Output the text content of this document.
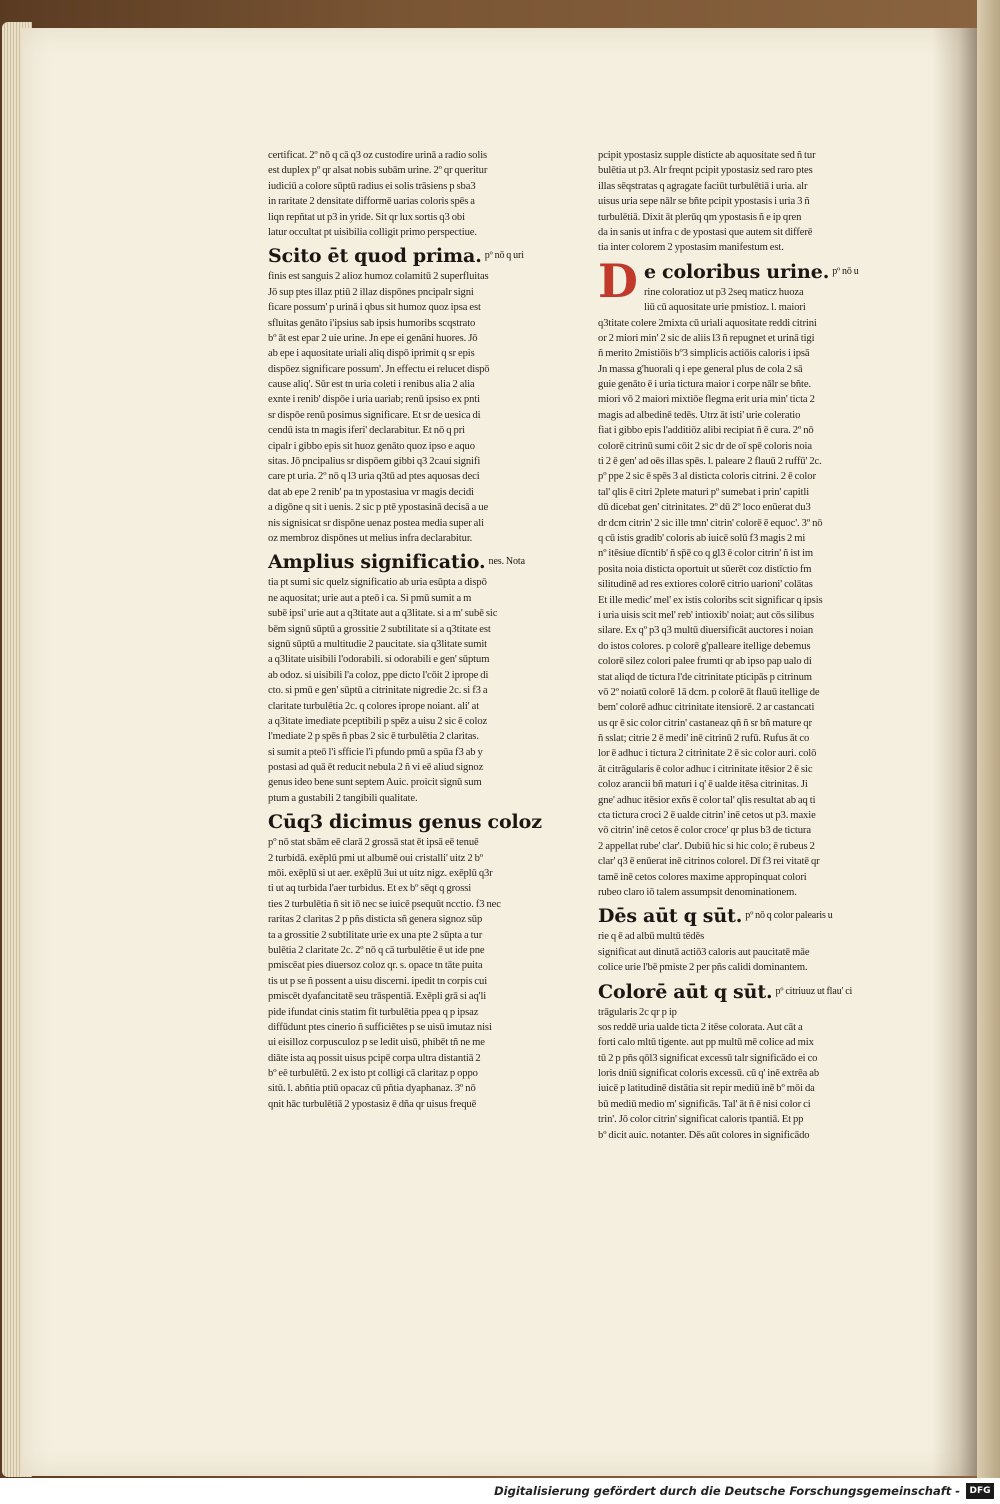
certificat. 2º nō q cā q3 oz custodire urinā a radio solis

est duplex pº qr alsat nobis subām urine. 2º qr queritur

iudiciū a colore sūptū radius ei solis trāsiens p sba3

in raritate 2 densitate difformē uarias coloris spēs a

liqn repñtat ut p3 in yride. Sit qr lux sortis q3 obi

latur occultat pt uisibilia colligit primo perspectiue.

Scito ēt quod prima. $^{pº nō q uri}$

finis est sanguis 2 alioz humoz colamitū 2 superfluitas

Jō sup ptes illaz ptiū 2 illaz dispōnes pncipalr signi

ficare possum' p urinā i qbus sit humoz quoz ipsa est

sfluitas genāto i'ipsius sab ipsis humoribs scqstrato

bº āt est epar 2 uie urine. Jn epe ei genāni huores. Jō

ab epe i aquositate uriali aliq dispō iprimit q sr epis

dispōez significare possum'. Jn effectu ei relucet dispō

cause aliq'. Sūr est tn uria coleti i renibus alia 2 alia

exnte i renib' dispōe i uria uariab; renū ipsiso ex pnti

sr dispōe renū posimus significare. Et sr de uesica di

cendū ista tn magis iferi' declarabitur. Et nō q pri

cipalr i gibbo epis sit huoz genāto quoz ipso e aquo

sitas. Jō pncipalius sr dispōem gibbi q3 2caui signifi

care pt uria. 2º nō q l3 uria q3tū ad ptes aquosas deci

dat ab epe 2 renib' pa tn ypostasiua vr magis decidi

a digōne q sit i uenis. 2 sic p ptē ypostasinā decisā a ue

nis signisicat sr dispōne uenaz postea media super ali

oz membroz dispōnes ut melius infra declarabitur.

Amplius significatio. $^{nes. Nota}$

tia pt sumi sic quelz significatio ab uria esūpta a dispō

ne aquositat; urie aut a pteō i ca. Si pmū sumit a m

subē ipsi' urie aut a q3titate aut a q3litate. si a m' subē sic

bēm signū sūptū a grossitie 2 subtilitate si a q3titate est

signū sūptū a multitudie 2 paucitate. sia q3litate sumit

a q3litate uisibili l'odorabili. si odorabili e gen' sūptum

ab odoz. si uisibili l'a coloz, ppe dicto l'cōit 2 iprope di

cto. si pmū e gen' sūptū a citrinitate nigredie 2c. si f3 a

claritate turbulētia 2c. q colores iprope noiant. ali' at

a q3itate imediate pceptibili p spēz a uisu 2 sic ē coloz

l'mediate 2 p spēs ñ pbas 2 sic ē turbulētia 2 claritas.

si sumit a pteō l'i sfficie l'i pfundo pmū a spūa f3 ab y

postasi ad quā ēt reducit nebula 2 ñ vi eē aliud signoz

genus ideo bene sunt septem Auic. proicit signū sum

ptum a gustabili 2 tangibili qualitate.

Cūq3 dicimus genus coloz

pº nō stat sbām eē clarā 2 grossā stat ēt ipsā eē tenuē

2 turbidā. exēplū pmi ut albumē oui cristalli' uitz 2 bº

mōi. exēplū si ut aer. exēplū 3ui ut uitz nigz. exēplū q3r

ti ut aq turbida l'aer turbidus. Et ex bº sēqt q grossi

ties 2 turbulētia ñ sit iō nec se iuicē psequūt ncctio. f3 nec

raritas 2 claritas 2 p pñs disticta sñ genera signoz sūp

ta a grossitie 2 subtilitate urie ex una pte 2 sūpta a tur

bulētia 2 claritate 2c. 2º nō q cā turbulētie ē ut ide pne

pmiscēat pies diuersoz coloz qr. s. opace tn tāte puita

tis ut p se ñ possent a uisu discerni. ipedit tn corpis cui

pmiscēt dyafancitatē seu trāspentiā. Exēpli grā si aq'li

pide ifundat cinis statim fit turbulētia ppea q p ipsaz

diffūdunt ptes cinerio ñ sufficiētes p se uisū imutaz nisi

ui eisilloz corpusculoz p se ledit uisū, phibēt tñ ne me

diāte ista aq possit uisus pcipē corpa ultra distantiā 2

bº eē turbulētū. 2 ex isto pt colligi cā claritaz p oppo

sitū. l. abñtia ptiū opacaz cū pñtia dyaphanaz. 3º nō

qnit hāc turbulētiā 2 ypostasiz ē dña qr uisus frequē

pcipit ypostasiz supple disticte ab aquositate sed ñ tur

bulētia ut p3. Alr freqnt pcipit ypostasiz sed raro ptes

illas sēqstratas q agragate faciūt turbulētiā i uria. alr

uisus uria sepe nālr se bñte pcipit ypostasis i uria 3 ñ

turbulētiā. Dixit āt plerūq qm ypostasis ñ e ip qren

da in sanis ut infra c de ypostasi que autem sit differē

tia inter colorem 2 ypostasim manifestum est.

D e coloribus urine. $^{pº nō u}$

rine coloratioz ut p3 2seq maticz huoza

liū cū aquositate urie pmistioz. l. maiori

q3titate colere 2mixta cū uriali aquositate reddi citrini

or 2 miori min' 2 sic de aliis l3 ñ repugnet et urinā tigi

ñ merito 2mistiōis bº3 simplicis actiōis caloris i ipsā

Jn massa g'huorali q i epe general plus de cola 2 sā

guie genāto ē i uria tictura maior i corpe nālr se bñte.

miori vō 2 maiori mixtiōe flegma erit uria min' ticta 2

magis ad albedinē tedēs. Utrz āt isti' urie coleratio

fiat i gibbo epis l'additiōz alibi recipiat ñ ē cura. 2º nō

colorē citrinū sumi cōit 2 sic dr de oī spē coloris noia

ti 2 ē gen' ad oēs illas spēs. l. paleare 2 flauū 2 ruffū' 2c.

pº ppe 2 sic ē spēs 3 al disticta coloris citrini. 2 ē color

tal' qlis ē citri 2plete maturi pº sumebat i prin' capitli

dū dicebat gen' citrinitates. 2º dū 2º loco enūerat du3

dr dcm citrin' 2 sic ille tmn' citrin' colorē ē equoc'. 3º nō

q cū istis gradib' coloris ab iuicē solū f3 magis 2 mi

nº itēsiue dīcntib' ñ sp̄ē co q gl3 ē color citrin' ñ ist im

posita noia disticta oportuit ut sūerēt coz distīctio fm

silitudinē ad res extiores colorē citrio uarioni' colātas

Et ille medic' mel' ex istis coloribs scit significar q ipsis

i uria uisis scit mel' reb' intioxib' noiat; aut cōs silibus

silare. Ex qº p3 q3 multū diuersificāt auctores i noian

do istos colores. p colorē g'palleare itellige debemus

colorē silez colori palee frumti qr ab ipso pap ualo di

stat aliqd de tictura l'de citrinitate pticipās p citrinum

vō 2º noiatū colorē 1ā dcm. p colorē āt flauū itellige de

bem' colorē adhuc citrinitate itensiorē. 2 ar castancati

us qr ē sic color citrin' castaneaz qñ ñ sr bñ mature qr

ñ sslat; citrie 2 ē medi' inē citrinū 2 rufū. Rufus āt co

lor ē adhuc i tictura 2 citrinitate 2 ē sic color auri. colō

āt citrāgularis ē color adhuc i citrinitate itēsior 2 ē sic

coloz arancii bñ maturi i q' ē ualde itēsa citrinitas. Ji

gne' adhuc itēsior exñs ē color tal' qlis resultat ab aq ti

cta tictura croci 2 ē ualde citrin' inē cetos ut p3. maxie

vō citrin' inē cetos ē color croce' qr plus b3 de tictura

2 appellat rube' clar'. Dubiū hic si hic colo; ē rubeus 2

clar' q3 ē enūerat inē citrinos colorel. Dī f3 rei vitatē qr

tamē inē cetos colores maxime appropinquat colori

rubeo claro iō talem assumpsit denominationem.

Dēs aūt q sūt. $^{pº nō q color palearis u}$

rie q ē ad albū multū tēdēs

significat aut dinutā actiō3 caloris aut paucitatē māe

colice urie l'bē pmiste 2 per pñs calidi dominantem.

Colorē aūt q sūt. $^{pº citriuuz ut flau' ci}$

trāgularis 2c qr p ip

sos reddē uria ualde ticta 2 itēse colorata. Aut cāt a

forti calo mltū tigente. aut pp multū mē colice ad mix

tū 2 p pñs qōl3 significat excessū talr significādo ei co

loris dniū significat coloris excessū. cū q' inē extrēa ab

iuicē p latitudinē distātia sit repir mediū inē bº mōi da

bū mediū medio m' significās. Tal' āt ñ ē nisi color ci

trin'. Jō color citrin' significat caloris tpantiā. Et pp

bº dicit auic. notanter. Dēs aūt colores in significādo

Digitalisierung gefördert durch die Deutsche Forschungsgemeinschaft -	DFG
